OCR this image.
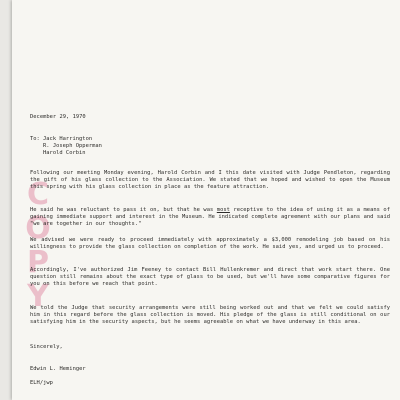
COPY
December 29, 1970
To: Jack Harrington
R. Joseph Opperman
Harold Corbin
Following our meeting Monday evening, Harold Corbin and I this date visited with Judge Pendleton, regarding the gift of his glass collection to the Association. We stated that we hoped and wished to open the Museum this spring with his glass collection in place as the feature attraction.
He said he was reluctant to pass it on, but that he was most receptive to the idea of using it as a means of gaining immediate support and interest in the Museum. He indicated complete agreement with our plans and said "we are together in our thoughts."
We advised we were ready to proceed immediately with approximately a $3,000 remodeling job based on his willingness to provide the glass collection on completion of the work. He said yes, and urged us to proceed.
Accordingly, I've authorized Jim Feeney to contact Bill Hullenkremer and direct that work start there. One question still remains about the exact type of glass to be used, but we'll have some comparative figures for you on this before we reach that point.
We told the Judge that security arrangements were still being worked out and that we felt we could satisfy him in this regard before the glass collection is moved. His pledge of the glass is still conditional on our satisfying him in the security aspects, but he seems agreeable on what we have underway in this area.
Sincerely,
Edwin L. Heminger
ELH/jwp
